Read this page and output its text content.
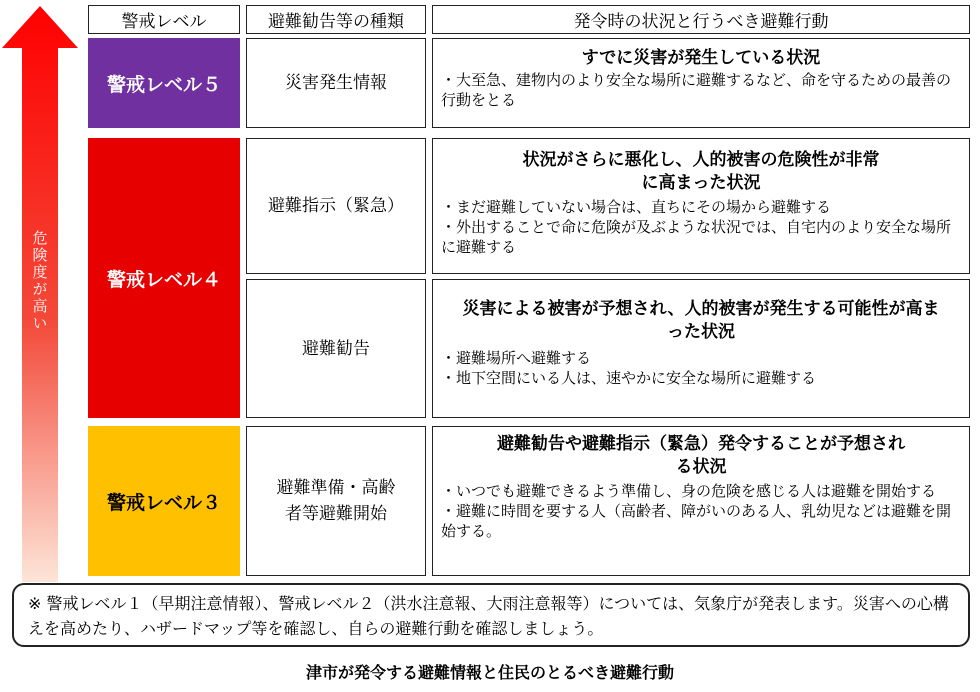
危険度が高い
警戒レベル	避難勧告等の種類	発令時の状況と行うべき避難行動
警戒レベル５
警戒レベル４
警戒レベル３
災害発生情報
すでに災害が発生している状況
・大至急、建物内のより安全な場所に避難するなど、命を守るための最善の行動をとる
避難指示（緊急）
状況がさらに悪化し、人的被害の危険性が非常に高まった状況
・まだ避難していない場合は、直ちにその場から避難する
・外出することで命に危険が及ぶような状況では、自宅内のより安全な場所に避難する
避難勧告
災害による被害が予想され、人的被害が発生する可能性が高まった状況
・避難場所へ避難する
・地下空間にいる人は、速やかに安全な場所に避難する
避難準備・高齢者等避難開始
避難勧告や避難指示（緊急）発令することが予想される状況
・いつでも避難できるよう準備し、身の危険を感じる人は避難を開始する
・避難に時間を要する人（高齢者、障がいのある人、乳幼児などは避難を開始する。
※ 警戒レベル１（早期注意情報）、警戒レベル２（洪水注意報、大雨注意報等）については、気象庁が発表します。災害への心構えを高めたり、ハザードマップ等を確認し、自らの避難行動を確認しましょう。
津市が発令する避難情報と住民のとるべき避難行動
